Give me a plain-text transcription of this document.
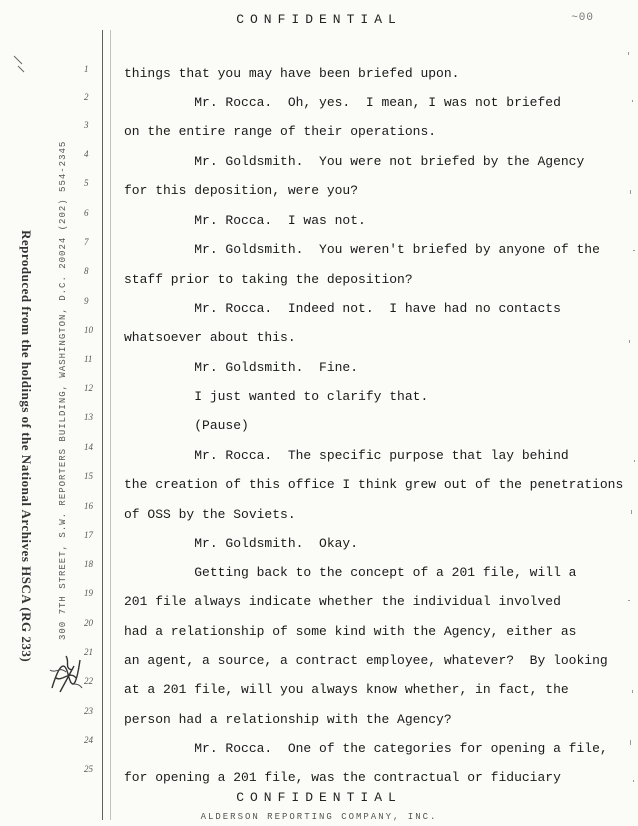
CONFIDENTIAL	~00
Reproduced from the holdings of the National Archives HSCA (RG 233)	300 7TH STREET, S.W. REPORTERS BUILDING, WASHINGTON, D.C. 20024 (202) 554-2345
1
2
3
4
5
6
7
8
9
10
11
12
13
14
15
16
17
18
19
20
21
22
23
24
25
things that you may have been briefed upon.
Mr. Rocca.  Oh, yes.  I mean, I was not briefed
on the entire range of their operations.
Mr. Goldsmith.  You were not briefed by the Agency
for this deposition, were you?
Mr. Rocca.  I was not.
Mr. Goldsmith.  You weren't briefed by anyone of the
staff prior to taking the deposition?
Mr. Rocca.  Indeed not.  I have had no contacts
whatsoever about this.
Mr. Goldsmith.  Fine.
I just wanted to clarify that.
(Pause)
Mr. Rocca.  The specific purpose that lay behind
the creation of this office I think grew out of the penetrations
of OSS by the Soviets.
Mr. Goldsmith.  Okay.
Getting back to the concept of a 201 file, will a
201 file always indicate whether the individual involved
had a relationship of some kind with the Agency, either as
an agent, a source, a contract employee, whatever?  By looking
at a 201 file, will you always know whether, in fact, the
person had a relationship with the Agency?
Mr. Rocca.  One of the categories for opening a file,
for opening a 201 file, was the contractual or fiduciary
CONFIDENTIAL
ALDERSON REPORTING COMPANY, INC.
